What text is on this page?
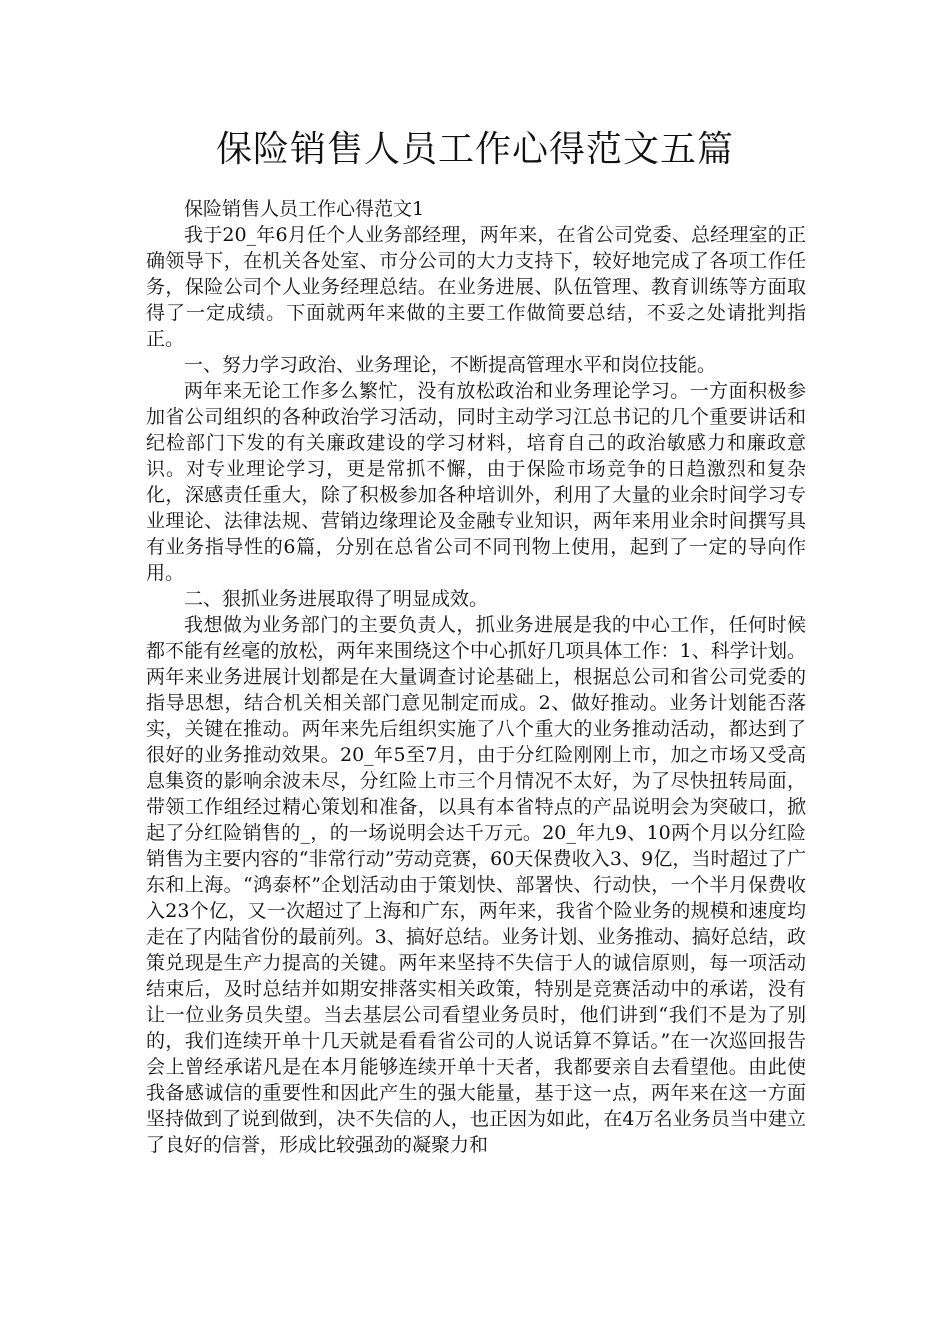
保险销售人员工作心得范文五篇

保险销售人员工作心得范文1

我于20_年6月任个人业务部经理，两年来，在省公司党委、总经理室的正确领导下，在机关各处室、市分公司的大力支持下，较好地完成了各项工作任务，保险公司个人业务经理总结。在业务进展、队伍管理、教育训练等方面取得了一定成绩。下面就两年来做的主要工作做简要总结，不妥之处请批判指正。

一、努力学习政治、业务理论，不断提高管理水平和岗位技能。

两年来无论工作多么繁忙，没有放松政治和业务理论学习。一方面积极参加省公司组织的各种政治学习活动，同时主动学习江总书记的几个重要讲话和纪检部门下发的有关廉政建设的学习材料，培育自己的政治敏感力和廉政意识。对专业理论学习，更是常抓不懈，由于保险市场竞争的日趋激烈和复杂化，深感责任重大，除了积极参加各种培训外，利用了大量的业余时间学习专业理论、法律法规、营销边缘理论及金融专业知识，两年来用业余时间撰写具有业务指导性的6篇，分别在总省公司不同刊物上使用，起到了一定的导向作用。

二、狠抓业务进展取得了明显成效。

我想做为业务部门的主要负责人，抓业务进展是我的中心工作，任何时候都不能有丝毫的放松，两年来围绕这个中心抓好几项具体工作：1、科学计划。两年来业务进展计划都是在大量调查讨论基础上，根据总公司和省公司党委的指导思想，结合机关相关部门意见制定而成。2、做好推动。业务计划能否落实，关键在推动。两年来先后组织实施了八个重大的业务推动活动，都达到了很好的业务推动效果。20_年5至7月，由于分红险刚刚上市，加之市场又受高息集资的影响余波未尽，分红险上市三个月情况不太好，为了尽快扭转局面，带领工作组经过精心策划和准备，以具有本省特点的产品说明会为突破口，掀起了分红险销售的_，的一场说明会达千万元。20_年九9、10两个月以分红险销售为主要内容的“非常行动”劳动竞赛，60天保费收入3、9亿，当时超过了广东和上海。“鸿泰杯”企划活动由于策划快、部署快、行动快，一个半月保费收入23个亿，又一次超过了上海和广东，两年来，我省个险业务的规模和速度均走在了内陆省份的最前列。3、搞好总结。业务计划、业务推动、搞好总结，政策兑现是生产力提高的关键。两年来坚持不失信于人的诚信原则，每一项活动结束后，及时总结并如期安排落实相关政策，特别是竞赛活动中的承诺，没有让一位业务员失望。当去基层公司看望业务员时，他们讲到“我们不是为了别的，我们连续开单十几天就是看看省公司的人说话算不算话。”在一次巡回报告会上曾经承诺凡是在本月能够连续开单十天者，我都要亲自去看望他。由此使我备感诚信的重要性和因此产生的强大能量，基于这一点，两年来在这一方面坚持做到了说到做到，决不失信的人，也正因为如此，在4万名业务员当中建立了良好的信誉，形成比较强劲的凝聚力和
